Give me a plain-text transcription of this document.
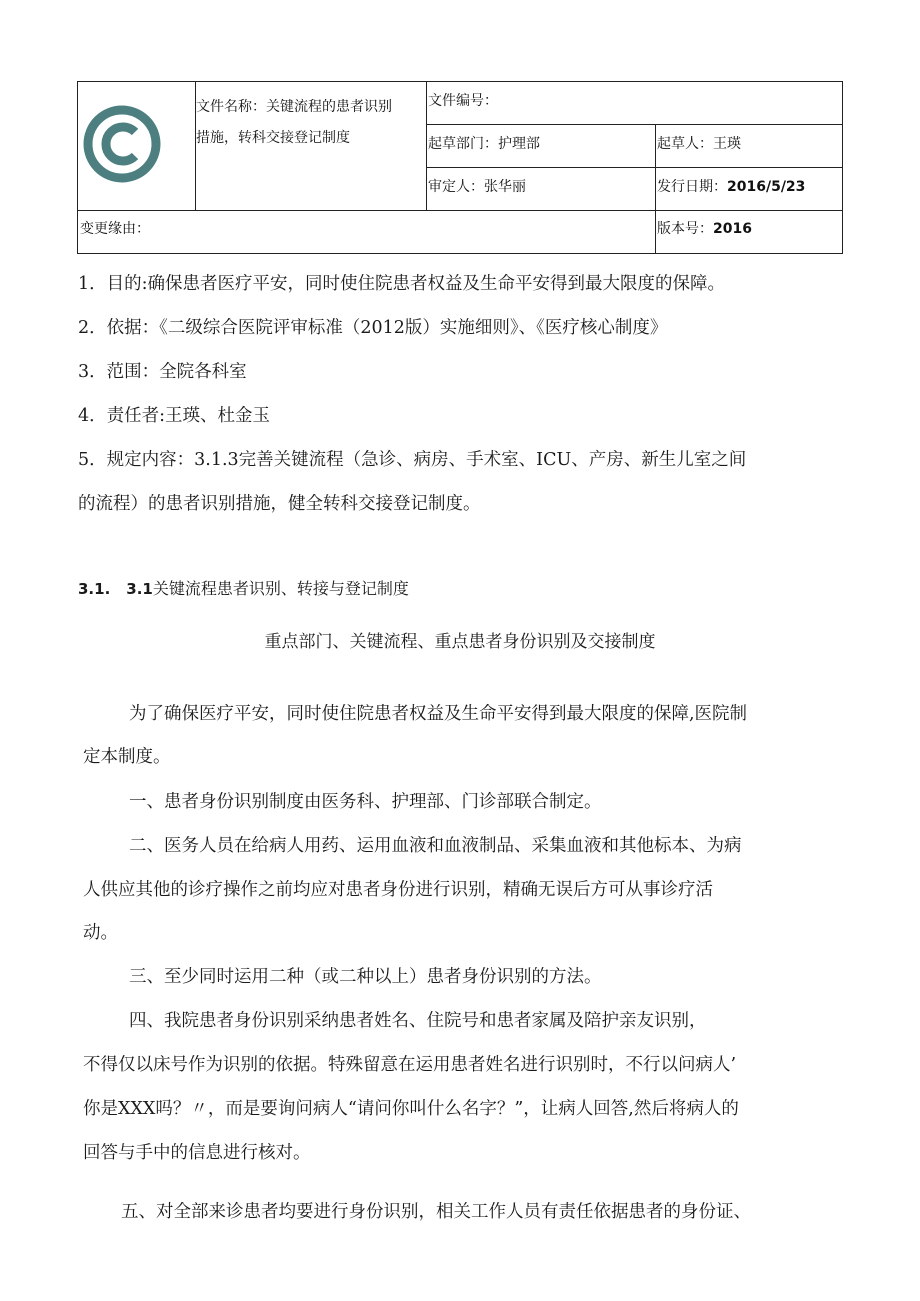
文件名称：关键流程的患者识别
措施，转科交接登记制度
文件编号：
起草部门：护理部	起草人：王瑛
审定人：张华丽	发行日期：2016/5/23
变更缘由：	版本号：2016
1．目的:确保患者医疗平安，同时使住院患者权益及生命平安得到最大限度的保障。
2．依据：《二级综合医院评审标准（2012版）实施细则》、《医疗核心制度》
3．范围：全院各科室
4．责任者:王瑛、杜金玉
5．规定内容：3.1.3完善关键流程（急诊、病房、手术室、ICU、产房、新生儿室之间
的流程）的患者识别措施，健全转科交接登记制度。
3.1. 3.1关键流程患者识别、转接与登记制度
重点部门、关键流程、重点患者身份识别及交接制度
为了确保医疗平安，同时使住院患者权益及生命平安得到最大限度的保障,医院制
定本制度。
一、患者身份识别制度由医务科、护理部、门诊部联合制定。
二、医务人员在给病人用药、运用血液和血液制品、采集血液和其他标本、为病
人供应其他的诊疗操作之前均应对患者身份进行识别，精确无误后方可从事诊疗活
动。
三、至少同时运用二种（或二种以上）患者身份识别的方法。
四、我院患者身份识别采纳患者姓名、住院号和患者家属及陪护亲友识别，
不得仅以床号作为识别的依据。特殊留意在运用患者姓名进行识别时，不行以问病人’
你是XXX吗？〃，而是要询问病人“请问你叫什么名字？”，让病人回答,然后将病人的
回答与手中的信息进行核对。
五、对全部来诊患者均要进行身份识别，相关工作人员有责任依据患者的身份证、
